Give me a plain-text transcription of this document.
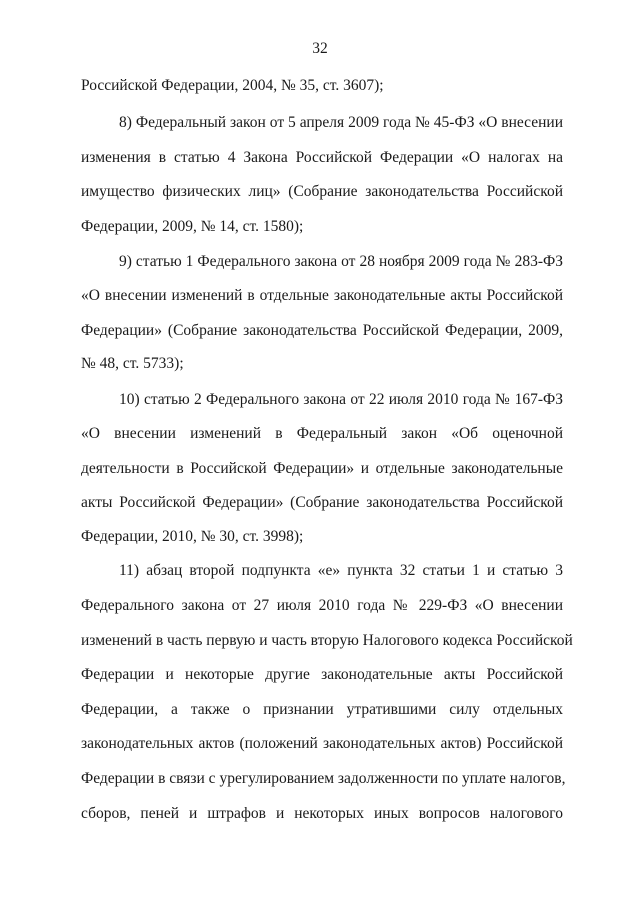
32
Российской Федерации, 2004, № 35, ст. 3607);
8) Федеральный закон от 5 апреля 2009 года № 45-ФЗ «О внесении
изменения в статью 4 Закона Российской Федерации «О налогах на
имущество физических лиц» (Собрание законодательства Российской
Федерации, 2009, № 14, ст. 1580);
9) статью 1 Федерального закона от 28 ноября 2009 года № 283-ФЗ
«О внесении изменений в отдельные законодательные акты Российской
Федерации» (Собрание законодательства Российской Федерации, 2009,
№ 48, ст. 5733);
10) статью 2 Федерального закона от 22 июля 2010 года № 167-ФЗ
«О внесении изменений в Федеральный закон «Об оценочной
деятельности в Российской Федерации» и отдельные законодательные
акты Российской Федерации» (Собрание законодательства Российской
Федерации, 2010, № 30, ст. 3998);
11) абзац второй подпункта «е» пункта 32 статьи 1 и статью 3
Федерального закона от 27 июля 2010 года № 229-ФЗ «О внесении
изменений в часть первую и часть вторую Налогового кодекса Российской
Федерации и некоторые другие законодательные акты Российской
Федерации, а также о признании утратившими силу отдельных
законодательных актов (положений законодательных актов) Российской
Федерации в связи с урегулированием задолженности по уплате налогов,
сборов, пеней и штрафов и некоторых иных вопросов налогового
